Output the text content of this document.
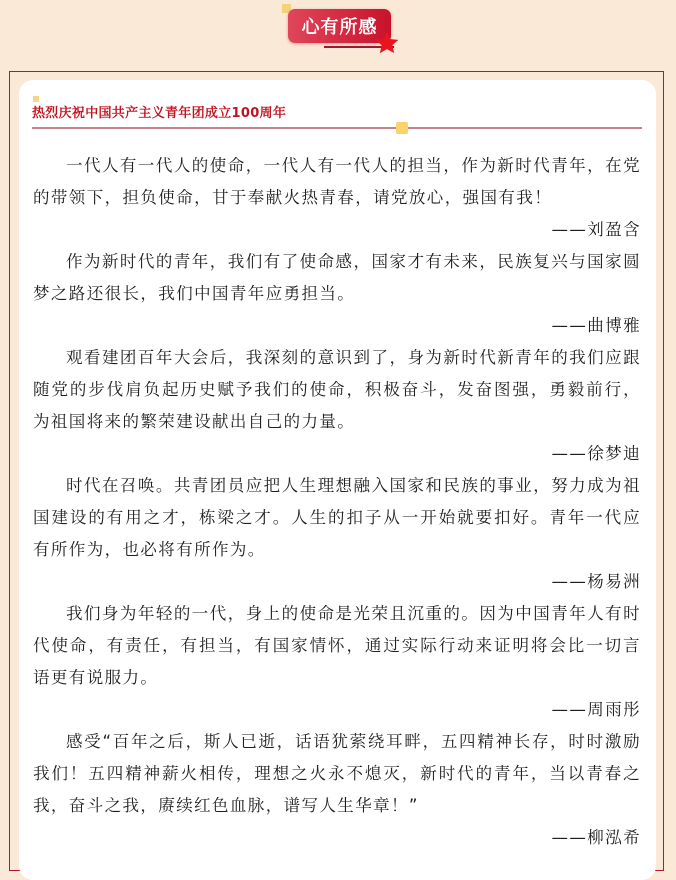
心有所感
热烈庆祝中国共产主义青年团成立100周年

一代人有一代人的使命，一代人有一代人的担当，作为新时代青年，在党的带领下，担负使命，甘于奉献火热青春，请党放心，强国有我！

——刘盈含

作为新时代的青年，我们有了使命感，国家才有未来，民族复兴与国家圆梦之路还很长，我们中国青年应勇担当。

——曲博雅

观看建团百年大会后，我深刻的意识到了，身为新时代新青年的我们应跟随党的步伐肩负起历史赋予我们的使命，积极奋斗，发奋图强，勇毅前行，为祖国将来的繁荣建设献出自己的力量。

——徐梦迪

时代在召唤。共青团员应把人生理想融入国家和民族的事业，努力成为祖国建设的有用之才，栋梁之才。人生的扣子从一开始就要扣好。青年一代应有所作为，也必将有所作为。

——杨易洲

我们身为年轻的一代，身上的使命是光荣且沉重的。因为中国青年人有时代使命，有责任，有担当，有国家情怀，通过实际行动来证明将会比一切言语更有说服力。

——周雨彤

感受“百年之后，斯人已逝，话语犹萦绕耳畔，五四精神长存，时时激励我们！五四精神薪火相传，理想之火永不熄灭，新时代的青年，当以青春之我，奋斗之我，赓续红色血脉，谱写人生华章！”

——柳泓希
